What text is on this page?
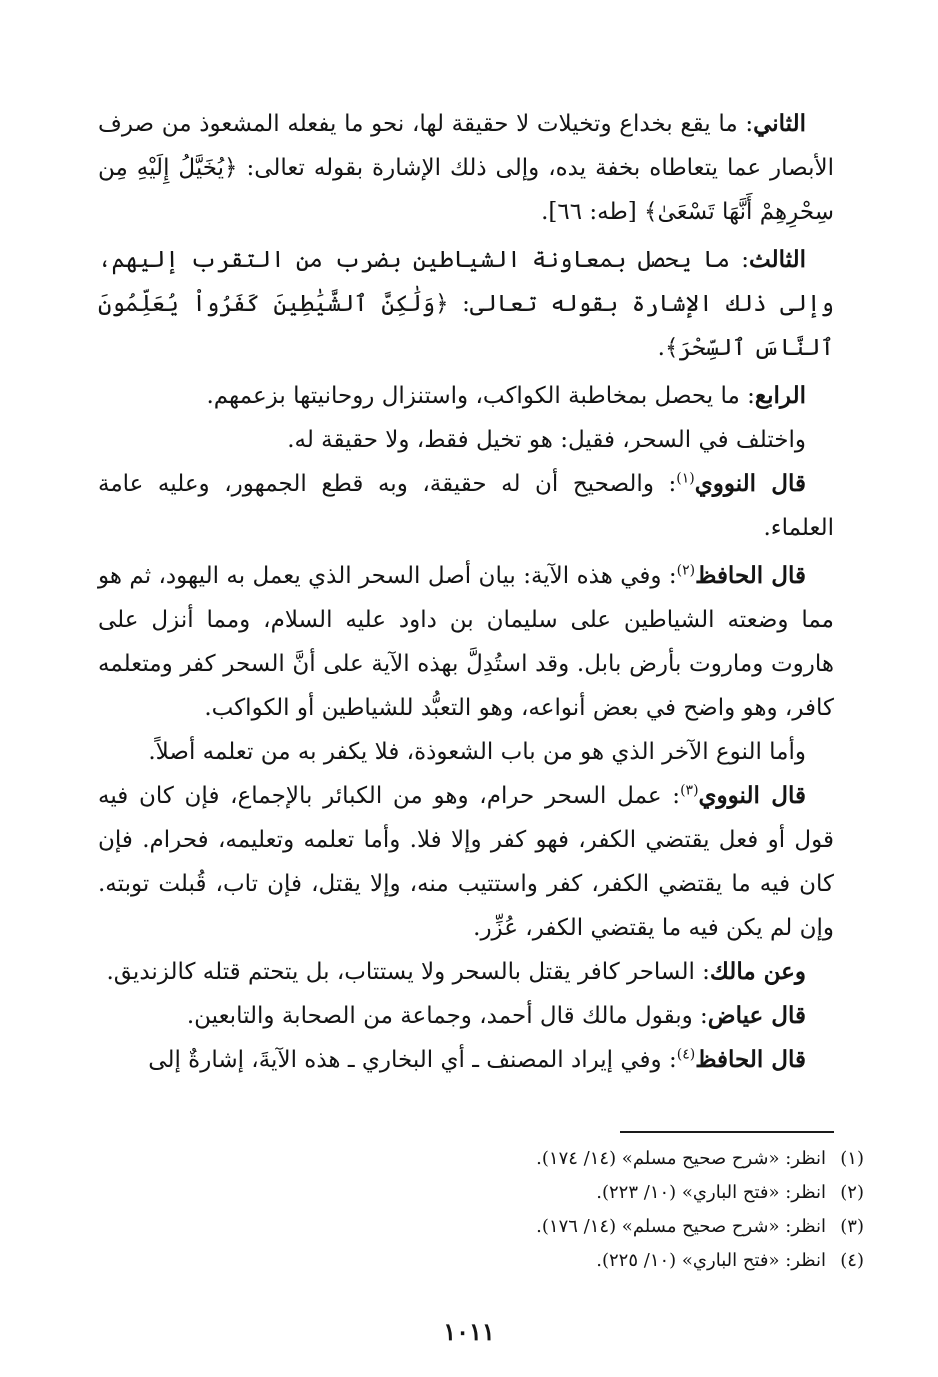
الثاني: ما يقع بخداع وتخيلات لا حقيقة لها، نحو ما يفعله المشعوذ من صرف الأبصار عما يتعاطاه بخفة يده، وإلى ذلك الإشارة بقوله تعالى: ﴿يُخَيَّلُ إِلَيْهِ مِن سِحْرِهِمْ أَنَّهَا تَسْعَىٰ﴾ [طه: ٦٦].

الثالث: ما يحصل بمعاونة الشياطين بضرب من التقرب إليهم، وإلى ذلك الإشارة بقوله تعالى: ﴿وَلَٰكِنَّ ٱلشَّيَٰطِينَ كَفَرُواْ يُعَلِّمُونَ ٱلنَّاسَ ٱلسِّحْرَ﴾.

الرابع: ما يحصل بمخاطبة الكواكب، واستنزال روحانيتها بزعمهم.

واختلف في السحر، فقيل: هو تخيل فقط، ولا حقيقة له.

قال النووي$^{(١)}$: والصحيح أن له حقيقة، وبه قطع الجمهور، وعليه عامة العلماء.

قال الحافظ$^{(٢)}$: وفي هذه الآية: بيان أصل السحر الذي يعمل به اليهود، ثم هو مما وضعته الشياطين على سليمان بن داود عليه السلام، ومما أنزل على هاروت وماروت بأرض بابل. وقد استُدِلَّ بهذه الآية على أنَّ السحر كفر ومتعلمه كافر، وهو واضح في بعض أنواعه، وهو التعبُّد للشياطين أو الكواكب.

وأما النوع الآخر الذي هو من باب الشعوذة، فلا يكفر به من تعلمه أصلاً.

قال النووي$^{(٣)}$: عمل السحر حرام، وهو من الكبائر بالإجماع، فإن كان فيه قول أو فعل يقتضي الكفر، فهو كفر وإلا فلا. وأما تعلمه وتعليمه، فحرام. فإن كان فيه ما يقتضي الكفر، كفر واستتيب منه، وإلا يقتل، فإن تاب، قُبلت توبته. وإن لم يكن فيه ما يقتضي الكفر، عُزِّر.

وعن مالك: الساحر كافر يقتل بالسحر ولا يستتاب، بل يتحتم قتله كالزنديق.

قال عياض: وبقول مالك قال أحمد، وجماعة من الصحابة والتابعين.

قال الحافظ$^{(٤)}$: وفي إيراد المصنف ـ أي البخاري ـ هذه الآيةَ، إشارةٌ إلى

(١)انظر: «شرح صحيح مسلم» (١٤/ ١٧٤).

(٢)انظر: «فتح الباري» (١٠/ ٢٢٣).

(٣)انظر: «شرح صحيح مسلم» (١٤/ ١٧٦).

(٤)انظر: «فتح الباري» (١٠/ ٢٢٥).

١٠١١
